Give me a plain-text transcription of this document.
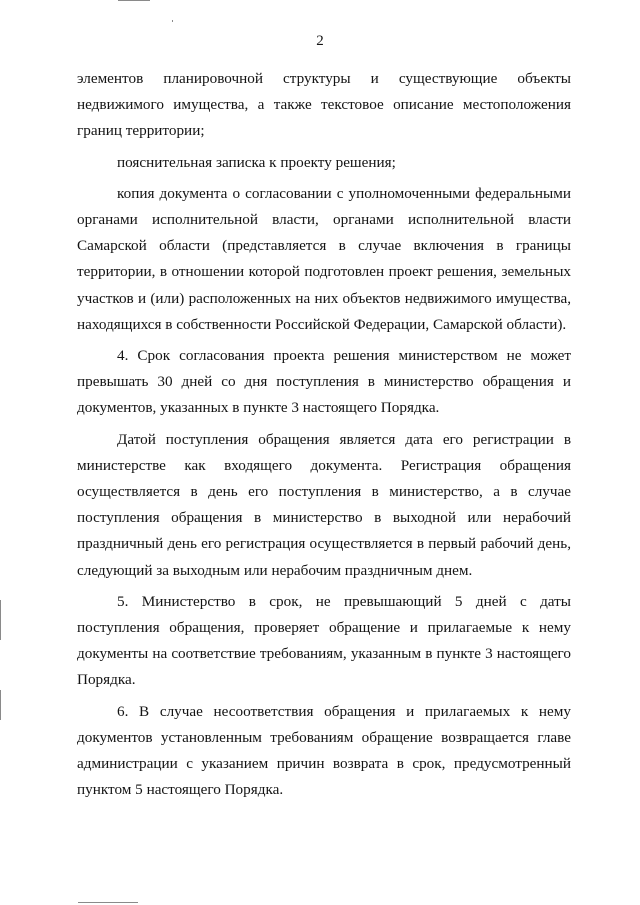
2

элементов планировочной структуры и существующие объекты недвижимого имущества, а также текстовое описание местоположения границ территории;

пояснительная записка к проекту решения;

копия документа о согласовании с уполномоченными федеральными органами исполнительной власти, органами исполнительной власти Самарской области (представляется в случае включения в границы территории, в отношении которой подготовлен проект решения, земельных участков и (или) расположенных на них объектов недвижимого имущества, находящихся в собственности Российской Федерации, Самарской области).

4. Срок согласования проекта решения министерством не может превышать 30 дней со дня поступления в министерство обращения и документов, указанных в пункте 3 настоящего Порядка.

Датой поступления обращения является дата его регистрации в министерстве как входящего документа. Регистрация обращения осуществляется в день его поступления в министерство, а в случае поступления обращения в министерство в выходной или нерабочий праздничный день его регистрация осуществляется в первый рабочий день, следующий за выходным или нерабочим праздничным днем.

5. Министерство в срок, не превышающий 5 дней с даты поступления обращения, проверяет обращение и прилагаемые к нему документы на соответствие требованиям, указанным в пункте 3 настоящего Порядка.

6. В случае несоответствия обращения и прилагаемых к нему документов установленным требованиям обращение возвращается главе администрации с указанием причин возврата в срок, предусмотренный пунктом 5 настоящего Порядка.
